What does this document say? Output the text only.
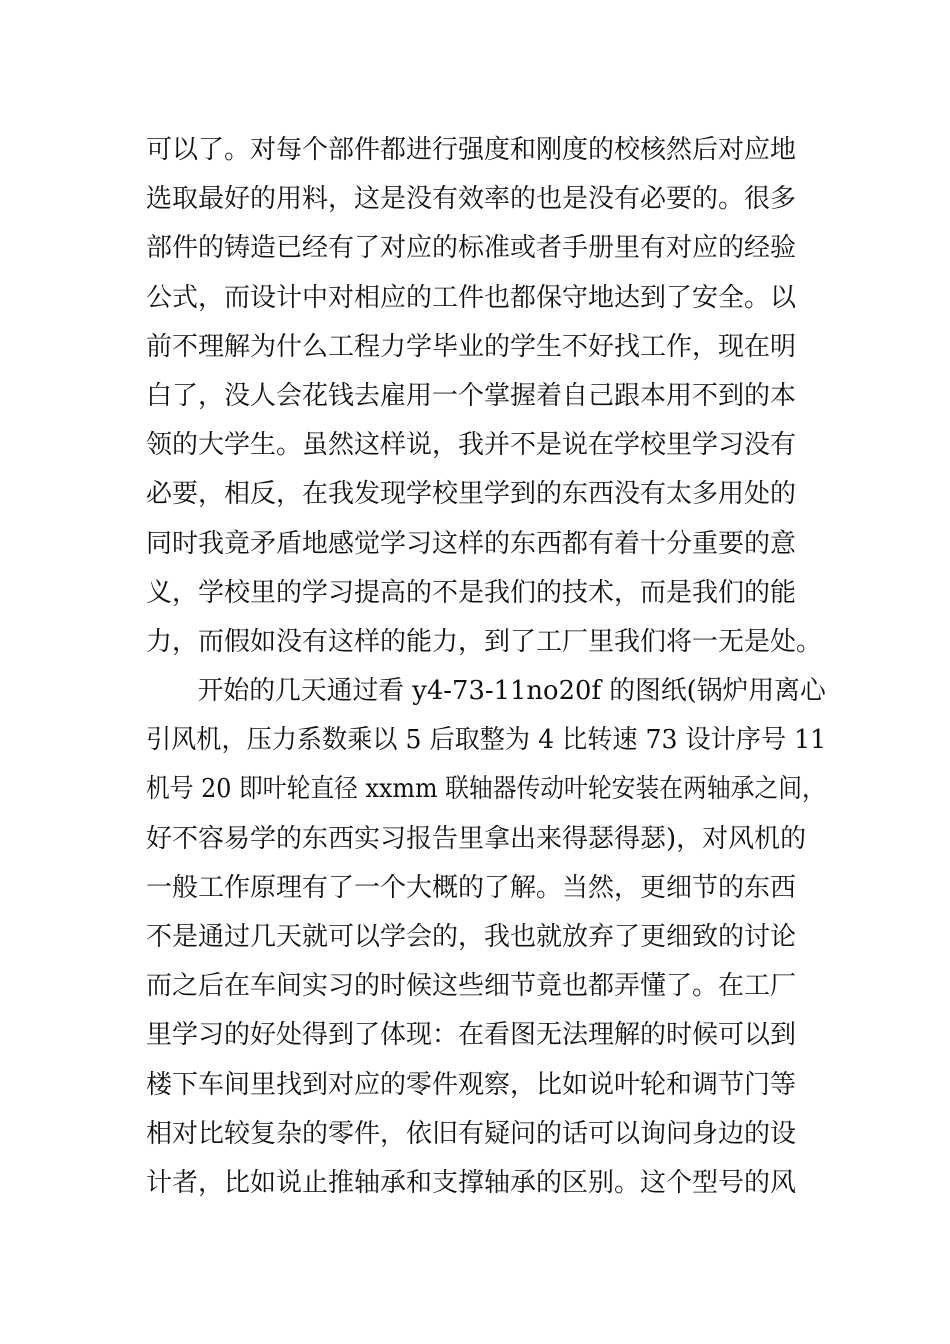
可以了。对每个部件都进行强度和刚度的校核然后对应地
选取最好的用料，这是没有效率的也是没有必要的。很多
部件的铸造已经有了对应的标准或者手册里有对应的经验
公式，而设计中对相应的工件也都保守地达到了安全。以
前不理解为什么工程力学毕业的学生不好找工作，现在明
白了，没人会花钱去雇用一个掌握着自己跟本用不到的本
领的大学生。虽然这样说，我并不是说在学校里学习没有
必要，相反，在我发现学校里学到的东西没有太多用处的
同时我竟矛盾地感觉学习这样的东西都有着十分重要的意
义，学校里的学习提高的不是我们的技术，而是我们的能
力，而假如没有这样的能力，到了工厂里我们将一无是处。
　　开始的几天通过看 y4-73-11no20f 的图纸(锅炉用离心
引风机，压力系数乘以 5 后取整为 4 比转速 73 设计序号 11
机号 20 即叶轮直径 xxmm 联轴器传动叶轮安装在两轴承之间，
好不容易学的东西实习报告里拿出来得瑟得瑟)，对风机的
一般工作原理有了一个大概的了解。当然，更细节的东西
不是通过几天就可以学会的，我也就放弃了更细致的讨论
而之后在车间实习的时候这些细节竟也都弄懂了。在工厂
里学习的好处得到了体现：在看图无法理解的时候可以到
楼下车间里找到对应的零件观察，比如说叶轮和调节门等
相对比较复杂的零件，依旧有疑问的话可以询问身边的设
计者，比如说止推轴承和支撑轴承的区别。这个型号的风
